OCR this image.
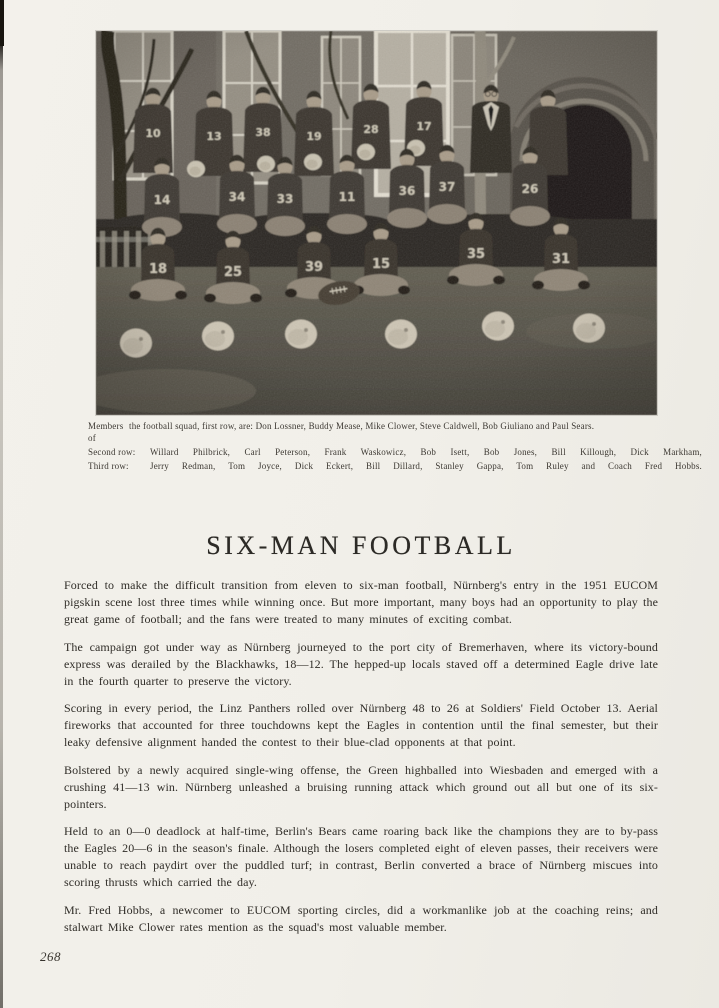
Members of
the football squad, first row, are: Don Lossner, Buddy Mease, Mike Clower, Steve Caldwell, Bob Giuliano and Paul Sears.
Second row:	Willard Philbrick, Carl Peterson, Frank Waskowicz, Bob Isett, Bob Jones, Bill Killough, Dick Markham,
Third row:	Jerry Redman, Tom Joyce, Dick Eckert, Bill Dillard, Stanley Gappa, Tom Ruley and Coach Fred Hobbs.
SIX-MAN FOOTBALL

Forced to make the difficult transition from eleven to six-man football, Nürnberg's entry in the 1951 EUCOM pigskin scene lost three times while winning once. But more important, many boys had an opportunity to play the great game of football; and the fans were treated to many minutes of exciting combat.

The campaign got under way as Nürnberg journeyed to the port city of Bremerhaven, where its victory-bound express was derailed by the Blackhawks, 18—12. The hepped-up locals staved off a determined Eagle drive late in the fourth quarter to preserve the victory.

Scoring in every period, the Linz Panthers rolled over Nürnberg 48 to 26 at Soldiers' Field October 13. Aerial fireworks that accounted for three touchdowns kept the Eagles in contention until the final semester, but their leaky defensive alignment handed the contest to their blue-clad opponents at that point.

Bolstered by a newly acquired single-wing offense, the Green highballed into Wiesbaden and emerged with a crushing 41—13 win. Nürnberg unleashed a bruising running attack which ground out all but one of its six-pointers.

Held to an 0—0 deadlock at half-time, Berlin's Bears came roaring back like the champions they are to by-pass the Eagles 20—6 in the season's finale. Although the losers completed eight of eleven passes, their receivers were unable to reach paydirt over the puddled turf; in contrast, Berlin converted a brace of Nürnberg miscues into scoring thrusts which carried the day.

Mr. Fred Hobbs, a newcomer to EUCOM sporting circles, did a workmanlike job at the coaching reins; and stalwart Mike Clower rates mention as the squad's most valuable member.

268
